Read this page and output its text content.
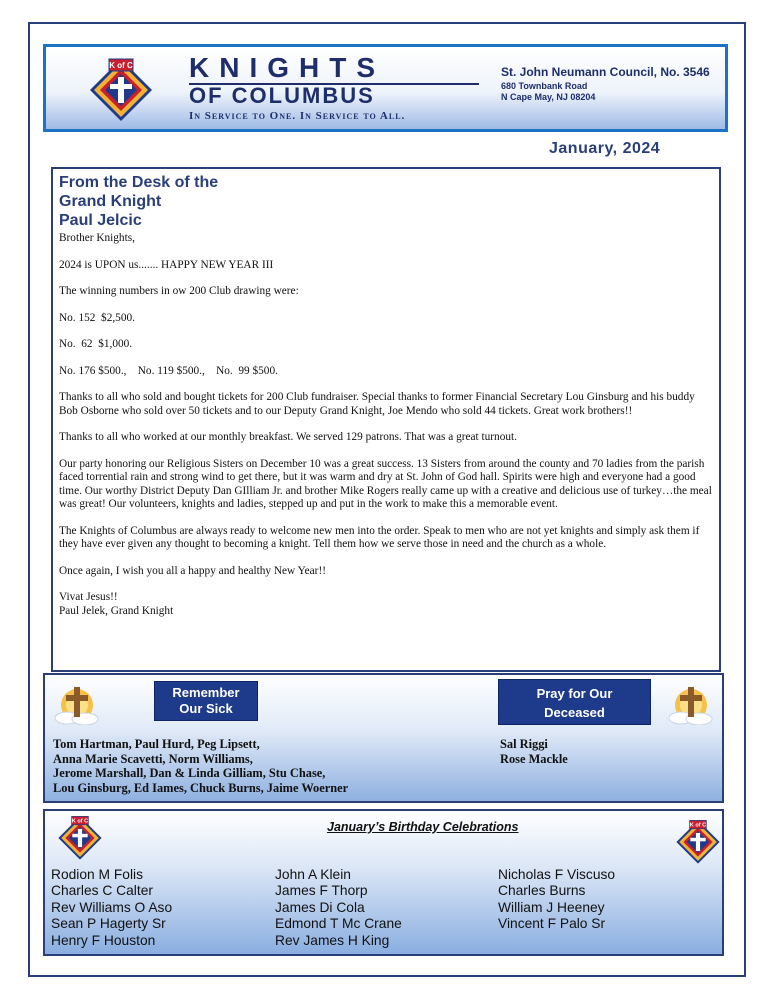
K of C KNIGHTS
OF COLUMBUS
In Service to One. In Service to All.
St. John Neumann Council, No. 3546
680 Townbank Road
N Cape May, NJ 08204
January, 2024
From the Desk of the
Grand Knight
Paul Jelcic

Brother Knights,

2024 is UPON us....... HAPPY NEW YEAR III

The winning numbers in ow 200 Club drawing were:

No. 152  $2,500.

No.  62  $1,000.

No. 176 $500.,    No. 119 $500.,    No.  99 $500.

Thanks to all who sold and bought tickets for 200 Club fundraiser. Special thanks to former Financial Secretary Lou Ginsburg and his buddy Bob Osborne who sold over 50 tickets and to our Deputy Grand Knight, Joe Mendo who sold 44 tickets. Great work brothers!!

Thanks to all who worked at our monthly breakfast. We served 129 patrons. That was a great turnout.

Our party honoring our Religious Sisters on December 10 was a great success. 13 Sisters from around the county and 70 ladies from the parish faced torrential rain and strong wind to get there, but it was warm and dry at St. John of God hall. Spirits were high and everyone had a good time. Our worthy District Deputy Dan GIlliam Jr. and brother Mike Rogers really came up with a creative and delicious use of turkey…the meal was great! Our volunteers, knights and ladies, stepped up and put in the work to make this a memorable event.

The Knights of Columbus are always ready to welcome new men into the order. Speak to men who are not yet knights and simply ask them if they have ever given any thought to becoming a knight. Tell them how we serve those in need and the church as a whole.

Once again, I wish you all a happy and healthy New Year!!

Vivat Jesus!!

Paul Jelek, Grand Knight

Remember
Our Sick
Pray for Our
Deceased
Tom Hartman, Paul Hurd, Peg Lipsett,
Anna Marie Scavetti, Norm Williams,
Jerome Marshall, Dan & Linda Gilliam, Stu Chase,
Lou Ginsburg, Ed Iames, Chuck Burns, Jaime Woerner
Sal Riggi
Rose Mackle
K of C	January’s Birthday Celebrations	K of C
Rodion M Folis
Charles C Calter
Rev Williams O Aso
Sean P Hagerty Sr
Henry F Houston
John A Klein
James F Thorp
James Di Cola
Edmond T Mc Crane
Rev James H King
Nicholas F Viscuso
Charles Burns
William J Heeney
Vincent F Palo Sr
